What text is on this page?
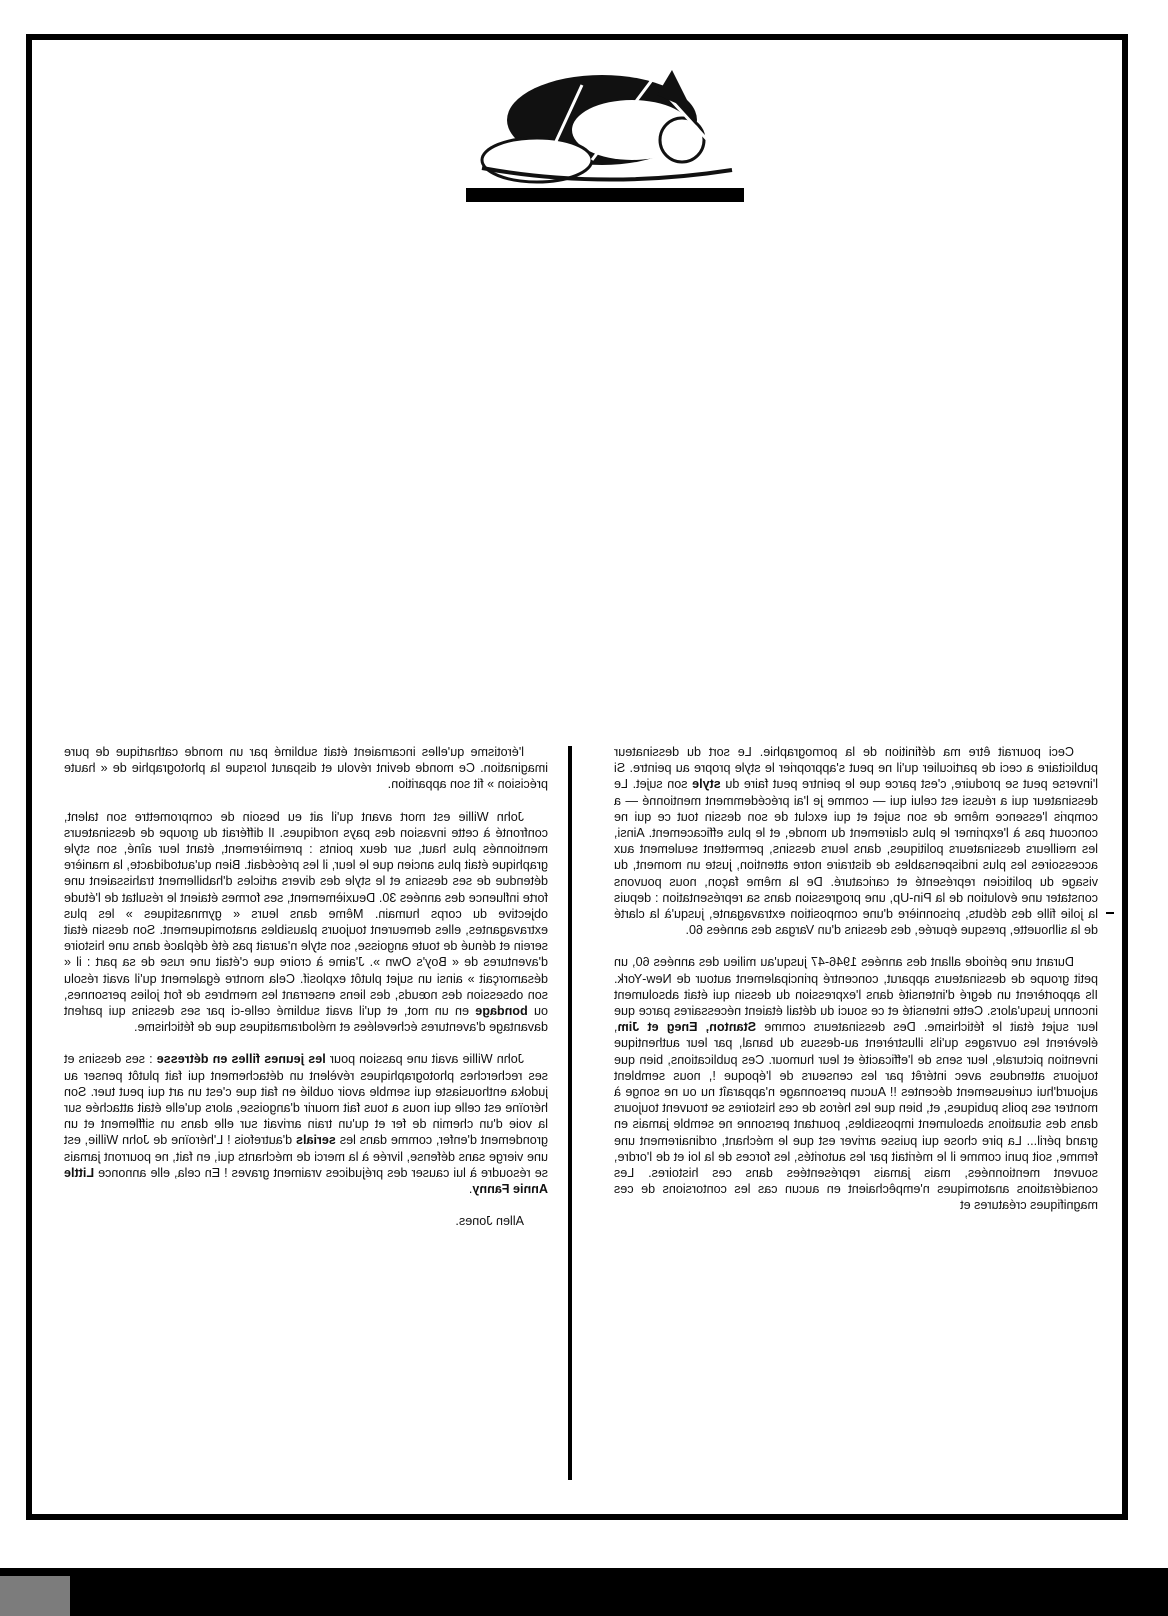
l'érotisme qu'elles incarnaient était sublimé par un monde cathartique de pure imagination. Ce monde devint révolu et disparut lorsque la photographie de « haute précision » fit son apparition.

John Willie est mort avant qu'il ait eu besoin de compromettre son talent, confronté à cette invasion des pays nordiques. Il différait du groupe de dessinateurs mentionnés plus haut, sur deux points : premièrement, étant leur aîné, son style graphique était plus ancien que le leur, il les précédait. Bien qu'autodidacte, la manière détendue de ses dessins et le style des divers articles d'habillement trahissaient une forte influence des années 30. Deuxièmement, ses formes étaient le résultat de l'étude objective du corps humain. Même dans leurs « gymnastiques » les plus extravagantes, elles demeurent toujours plausibles anatomiquement. Son dessin était serein et dénué de toute angoisse, son style n'aurait pas été déplacé dans une histoire d'aventures de « Boy's Own ». J'aime à croire que c'était une ruse de sa part : il « désamorçait » ainsi un sujet plutôt explosif. Cela montre également qu'il avait résolu son obsession des nœuds, des liens enserrant les membres de fort jolies personnes, ou bondage en un mot, et qu'il avait sublimé celle-ci par ses dessins qui parlent davantage d'aventures échevelées et mélodramatiques que de fétichisme.

John Willie avait une passion pour les jeunes filles en détresse : ses dessins et ses recherches photographiques révèlent un détachement qui fait plutôt penser au judoka enthousiaste qui semble avoir oublié en fait que c'est un art qui peut tuer. Son héroïne est celle qui nous a tous fait mourir d'angoisse, alors qu'elle était attachée sur la voie d'un chemin de fer et qu'un train arrivait sur elle dans un sifflement et un grondement d'enfer, comme dans les serials d'autrefois ! L'héroïne de John Willie, est une vierge sans défense, livrée à la merci de méchants qui, en fait, ne pourront jamais se résoudre à lui causer des préjudices vraiment graves ! En cela, elle annonce Little Annie Fanny.

Allen Jones.

Ceci pourrait être ma définition de la pornographie. Le sort du dessinateur publicitaire a ceci de particulier qu'il ne peut s'approprier le style propre au peintre. Si l'inverse peut se produire, c'est parce que le peintre peut faire du style son sujet. Le dessinateur qui a réussi est celui qui — comme je l'ai précédemment mentionné — a compris l'essence même de son sujet et qui exclut de son dessin tout ce qui ne concourt pas à l'exprimer le plus clairement du monde, et le plus efficacement. Ainsi, les meilleurs dessinateurs politiques, dans leurs dessins, permettent seulement aux accessoires les plus indispensables de distraire notre attention, juste un moment, du visage du politicien représenté et caricaturé. De la même façon, nous pouvons constater une évolution de la Pin-Up, une progression dans sa représentation : depuis la jolie fille des débuts, prisonnière d'une composition extravagante, jusqu'à la clarté de la silhouette, presque épurée, des dessins d'un Vargas des années 60.

Durant une période allant des années 1946-47 jusqu'au milieu des années 60, un petit groupe de dessinateurs apparut, concentré principalement autour de New-York. Ils apportèrent un degré d'intensité dans l'expression du dessin qui était absolument inconnu jusqu'alors. Cette intensité et ce souci du détail étaient nécessaires parce que leur sujet était le fétichisme. Des dessinateurs comme Stanton, Eneg et Jim, élevèrent les ouvrages qu'ils illustrèrent au-dessus du banal, par leur authentique invention picturale, leur sens de l'efficacité et leur humour. Ces publications, bien que toujours attendues avec intérêt par les censeurs de l'époque !, nous semblent aujourd'hui curieusement décentes !! Aucun personnage n'apparaît nu ou ne songe à montrer ses poils pubiques, et, bien que les héros de ces histoires se trouvent toujours dans des situations absolument impossibles, pourtant personne ne semble jamais en grand péril... La pire chose qui puisse arriver est que le méchant, ordinairement une femme, soit puni comme il le méritait par les autorités, les forces de la loi et de l'ordre, souvent mentionnées, mais jamais représentées dans ces histoires. Les considérations anatomiques n'empêchaient en aucun cas les contorsions de ces magnifiques créatures et
